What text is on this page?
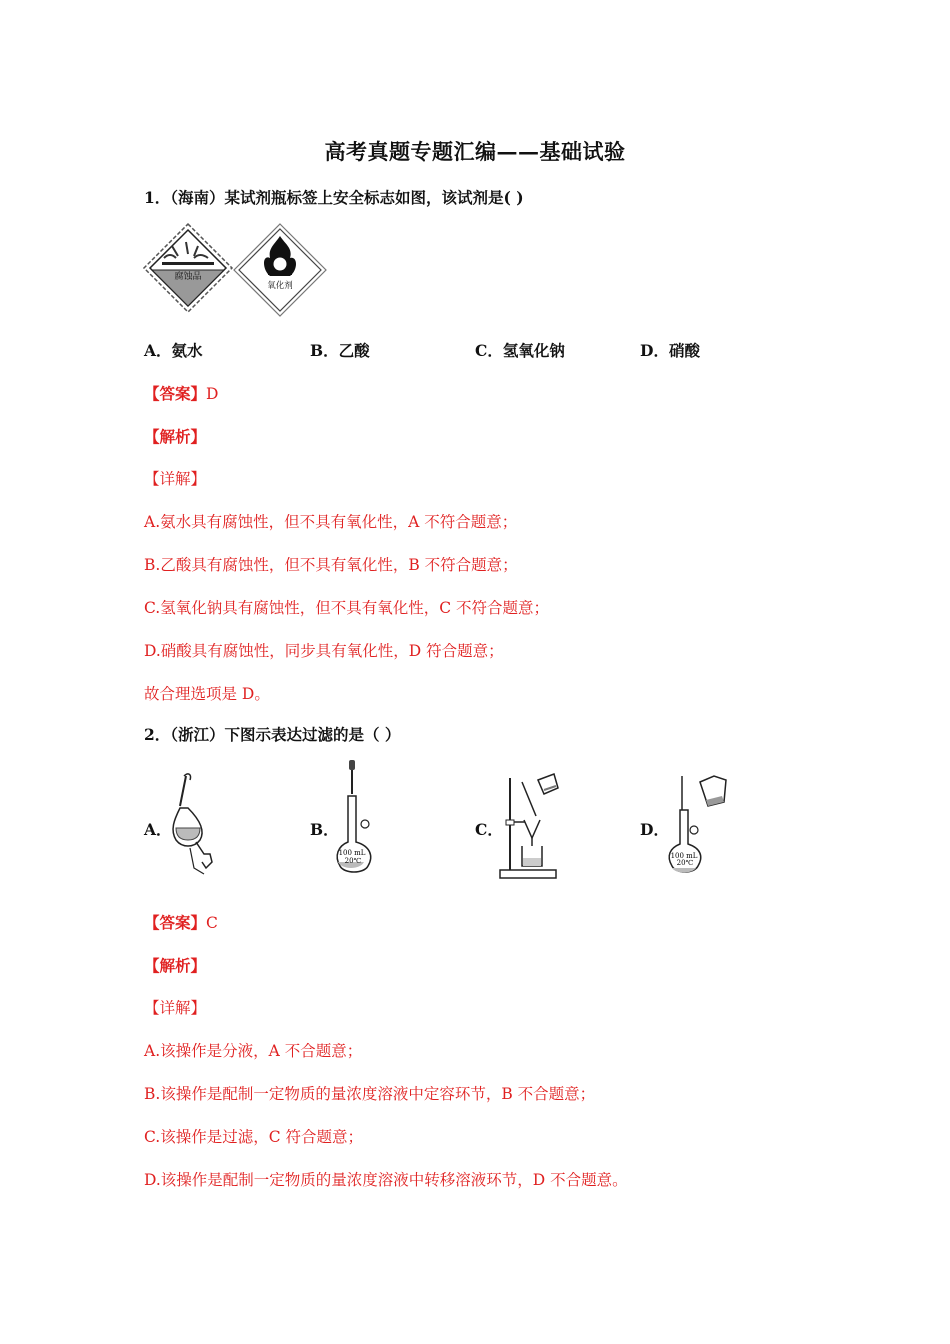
高考真题专题汇编——基础试验
1．（海南）某试剂瓶标签上安全标志如图，该试剂是( )
腐蚀品
氧化剂
A．氨水	B．乙酸	C．氢氧化钠	D．硝酸
【答案】D
【解析】
【详解】
A.氨水具有腐蚀性，但不具有氧化性，A 不符合题意；
B.乙酸具有腐蚀性，但不具有氧化性，B 不符合题意；
C.氢氧化钠具有腐蚀性，但不具有氧化性，C 不符合题意；
D.硝酸具有腐蚀性，同步具有氧化性，D 符合题意；
故合理选项是 D。
2．（浙江）下图示表达过滤的是（ ）
A．	B．	C．	D．
100 mL
20℃
100 mL
20℃
【答案】C
【解析】
【详解】
A.该操作是分液，A 不合题意；
B.该操作是配制一定物质的量浓度溶液中定容环节，B 不合题意；
C.该操作是过滤，C 符合题意；
D.该操作是配制一定物质的量浓度溶液中转移溶液环节，D 不合题意。
